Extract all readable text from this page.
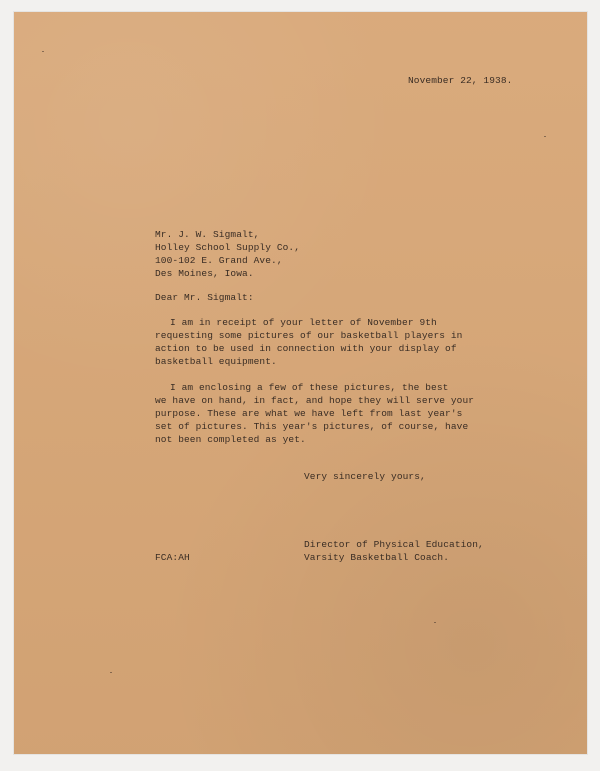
November 22, 1938.
Mr. J. W. Sigmalt,
Holley School Supply Co.,
100-102 E. Grand Ave.,
Des Moines, Iowa.
Dear Mr. Sigmalt:
I am in receipt of your letter of November 9th
requesting some pictures of our basketball players in
action to be used in connection with your display of
basketball equipment.
I am enclosing a few of these pictures, the best
we have on hand, in fact, and hope they will serve your
purpose. These are what we have left from last year's
set of pictures. This year's pictures, of course, have
not been completed as yet.
Very sincerely yours,
Director of Physical Education,
Varsity Basketball Coach.
FCA:AH
